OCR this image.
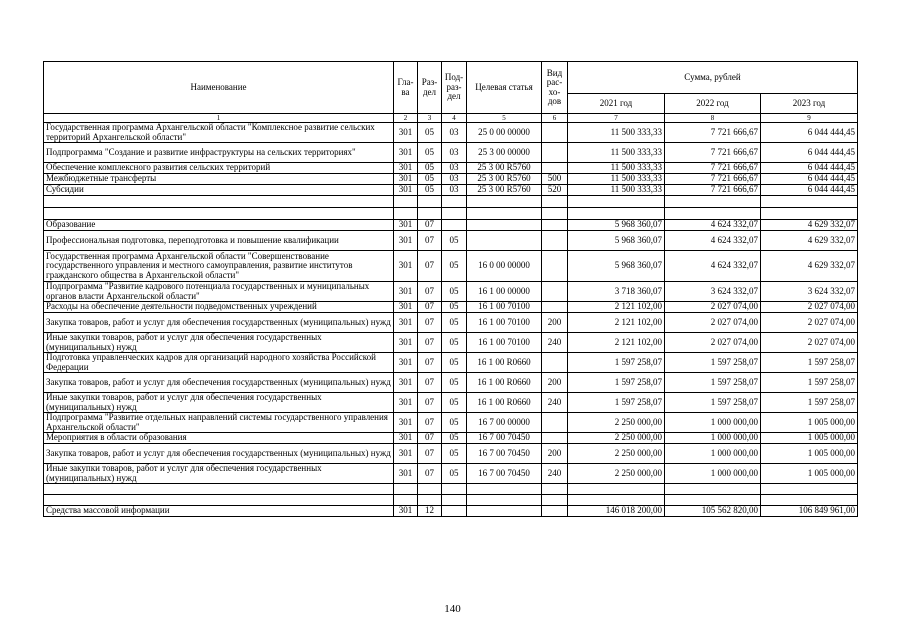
Наименование	Гла-ва	Раз-дел	Под-раз-дел	Целевая статья	Вид рас-хо-дов	Сумма, рублей		
						2021 год	2022 год	2023 год
1	2	3	4	5	6	7	8	9
Государственная программа Архангельской области "Комплексное развитие сельских территорий Архангельской области"	301	05	03	25 0 00 00000		11 500 333,33	7 721 666,67	6 044 444,45
Подпрограмма "Создание и развитие инфраструктуры на сельских территориях"	301	05	03	25 3 00 00000		11 500 333,33	7 721 666,67	6 044 444,45
Обеспечение комплексного развития сельских территорий	301	05	03	25 3 00 R5760		11 500 333,33	7 721 666,67	6 044 444,45
Межбюджетные трансферты	301	05	03	25 3 00 R5760	500	11 500 333,33	7 721 666,67	6 044 444,45
Субсидии	301	05	03	25 3 00 R5760	520	11 500 333,33	7 721 666,67	6 044 444,45

Образование	301	07				5 968 360,07	4 624 332,07	4 629 332,07
Профессиональная подготовка, переподготовка и повышение квалификации	301	07	05			5 968 360,07	4 624 332,07	4 629 332,07
Государственная программа Архангельской области "Совершенствование государственного управления и местного самоуправления, развитие институтов гражданского общества в Архангельской области"	301	07	05	16 0 00 00000		5 968 360,07	4 624 332,07	4 629 332,07
Подпрограмма "Развитие кадрового потенциала государственных и муниципальных органов власти Архангельской области"	301	07	05	16 1 00 00000		3 718 360,07	3 624 332,07	3 624 332,07
Расходы на обеспечение деятельности подведомственных учреждений	301	07	05	16 1 00 70100		2 121 102,00	2 027 074,00	2 027 074,00
Закупка товаров, работ и услуг для обеспечения государственных (муниципальных) нужд	301	07	05	16 1 00 70100	200	2 121 102,00	2 027 074,00	2 027 074,00
Иные закупки товаров, работ и услуг для обеспечения государственных (муниципальных) нужд	301	07	05	16 1 00 70100	240	2 121 102,00	2 027 074,00	2 027 074,00
Подготовка управленческих кадров для организаций народного хозяйства Российской Федерации	301	07	05	16 1 00 R0660		1 597 258,07	1 597 258,07	1 597 258,07
Закупка товаров, работ и услуг для обеспечения государственных (муниципальных) нужд	301	07	05	16 1 00 R0660	200	1 597 258,07	1 597 258,07	1 597 258,07
Иные закупки товаров, работ и услуг для обеспечения государственных (муниципальных) нужд	301	07	05	16 1 00 R0660	240	1 597 258,07	1 597 258,07	1 597 258,07
Подпрограмма "Развитие отдельных направлений системы государственного управления Архангельской области"	301	07	05	16 7 00 00000		2 250 000,00	1 000 000,00	1 005 000,00
Мероприятия в области образования	301	07	05	16 7 00 70450		2 250 000,00	1 000 000,00	1 005 000,00
Закупка товаров, работ и услуг для обеспечения государственных (муниципальных) нужд	301	07	05	16 7 00 70450	200	2 250 000,00	1 000 000,00	1 005 000,00
Иные закупки товаров, работ и услуг для обеспечения государственных (муниципальных) нужд	301	07	05	16 7 00 70450	240	2 250 000,00	1 000 000,00	1 005 000,00

Средства массовой информации	301	12				146 018 200,00	105 562 820,00	106 849 961,00
140
